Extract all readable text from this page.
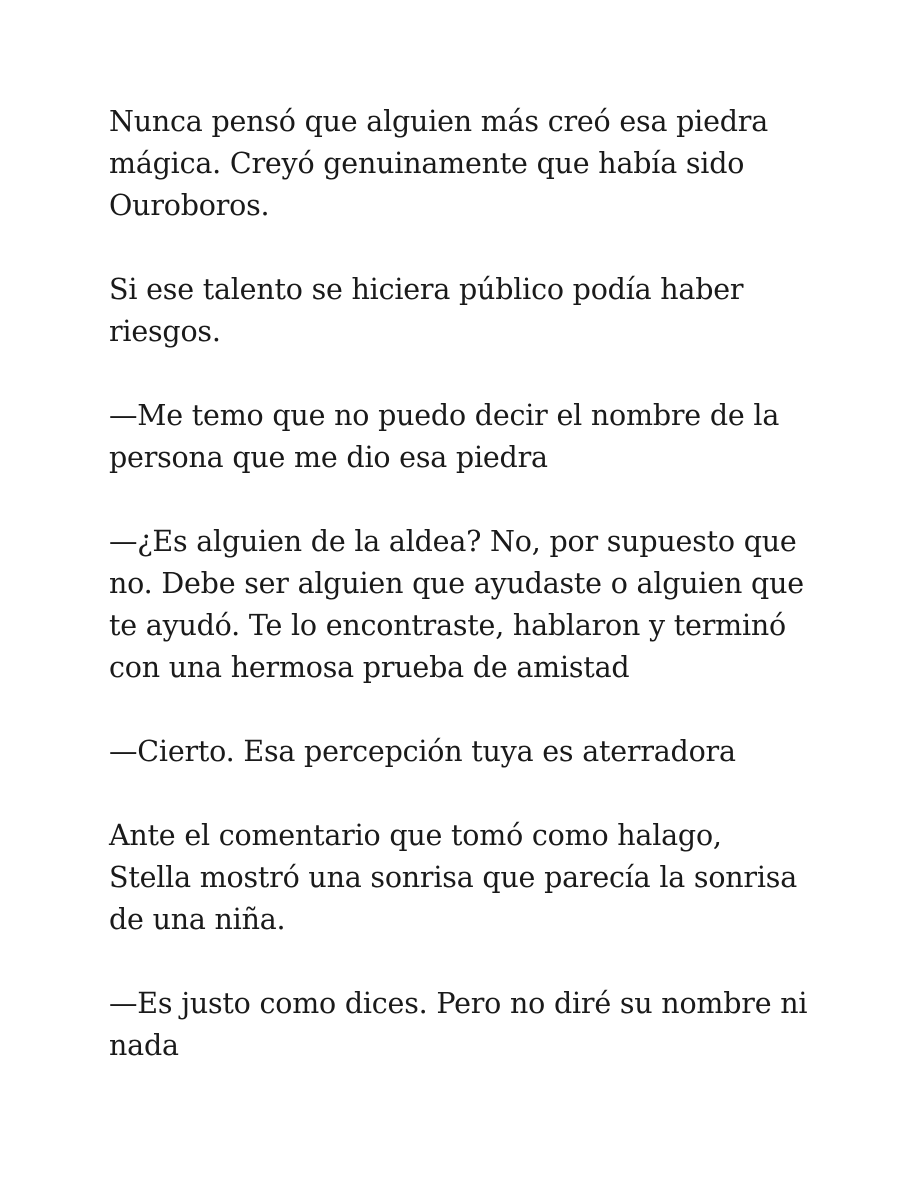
Nunca pensó que alguien más creó esa piedra
mágica. Creyó genuinamente que había sido
Ouroboros.

Si ese talento se hiciera público podía haber
riesgos.

—Me temo que no puedo decir el nombre de la
persona que me dio esa piedra

—¿Es alguien de la aldea? No, por supuesto que
no. Debe ser alguien que ayudaste o alguien que
te ayudó. Te lo encontraste, hablaron y terminó
con una hermosa prueba de amistad

—Cierto. Esa percepción tuya es aterradora

Ante el comentario que tomó como halago,
Stella mostró una sonrisa que parecía la sonrisa
de una niña.

—Es justo como dices. Pero no diré su nombre ni
nada
